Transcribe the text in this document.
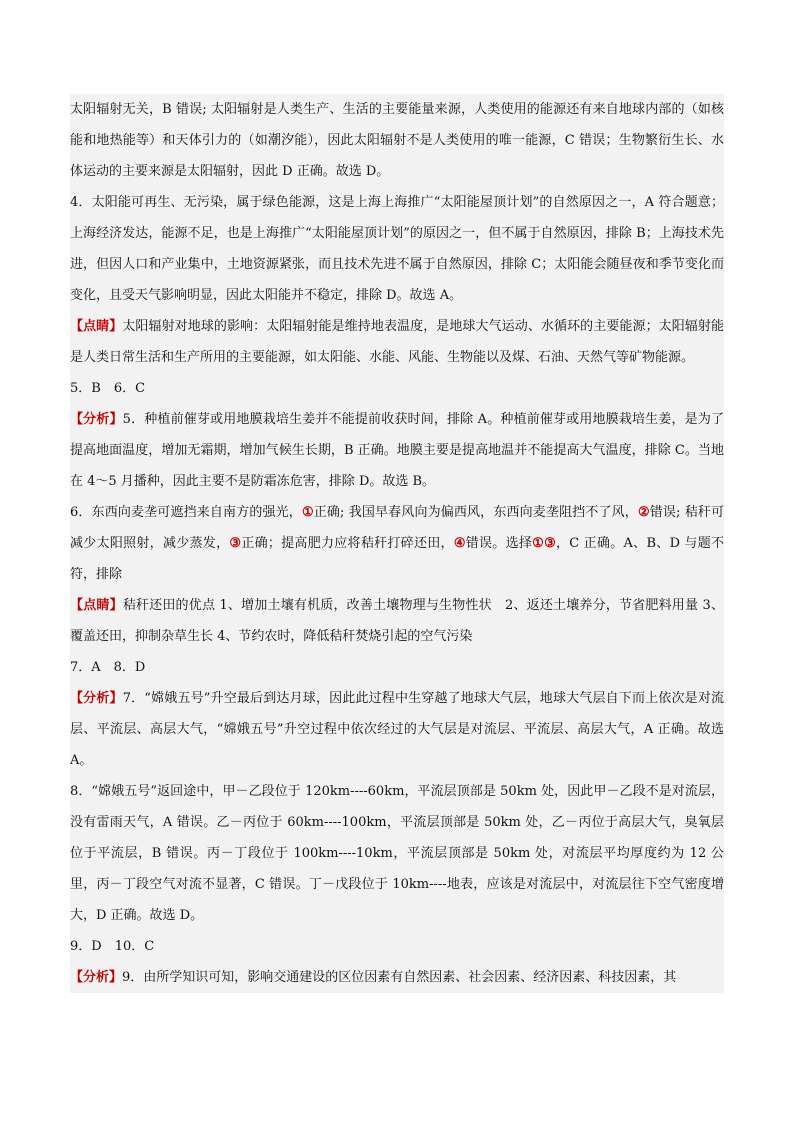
太阳辐射无关，B 错误; 太阳辐射是人类生产、生活的主要能量来源，人类使用的能源还有来自地球内部的（如核能和地热能等）和天体引力的（如潮汐能），因此太阳辐射不是人类使用的唯一能源，C 错误；生物繁衍生长、水体运动的主要来源是太阳辐射，因此 D 正确。故选 D。

4．太阳能可再生、无污染，属于绿色能源，这是上海上海推广“太阳能屋顶计划”的自然原因之一，A 符合题意；上海经济发达，能源不足，也是上海推广“太阳能屋顶计划”的原因之一，但不属于自然原因，排除 B；上海技术先进，但因人口和产业集中，土地资源紧张，而且技术先进不属于自然原因，排除 C；太阳能会随昼夜和季节变化而变化，且受天气影响明显，因此太阳能并不稳定，排除 D。故选 A。

【点睛】太阳辐射对地球的影响：太阳辐射能是维持地表温度，是地球大气运动、水循环的主要能源；太阳辐射能是人类日常生活和生产所用的主要能源，如太阳能、水能、风能、生物能以及煤、石油、天然气等矿物能源。

5．B　6．C

【分析】5．种植前催芽或用地膜栽培生姜并不能提前收获时间，排除 A。种植前催芽或用地膜栽培生姜，是为了提高地面温度，增加无霜期，增加气候生长期，B 正确。地膜主要是提高地温并不能提高大气温度，排除 C。当地在 4～5 月播种，因此主要不是防霜冻危害，排除 D。故选 B。

6．东西向麦垄可遮挡来自南方的强光，①正确; 我国早春风向为偏西风，东西向麦垄阻挡不了风，②错误; 秸秆可减少太阳照射，减少蒸发，③正确；提高肥力应将秸秆打碎还田，④错误。选择①③，C 正确。A、B、D 与题不符，排除

【点睛】秸秆还田的优点 1、增加土壤有机质，改善土壤物理与生物性状　2、返还土壤养分，节省肥料用量 3、覆盖还田，抑制杂草生长 4、节约农时，降低秸秆焚烧引起的空气污染

7．A　8．D

【分析】7．“嫦娥五号”升空最后到达月球，因此此过程中生穿越了地球大气层，地球大气层自下而上依次是对流层、平流层、高层大气，“嫦娥五号”升空过程中依次经过的大气层是对流层、平流层、高层大气，A 正确。故选 A。

8．“嫦娥五号”返回途中，甲－乙段位于 120km----60km，平流层顶部是 50km 处，因此甲－乙段不是对流层，没有雷雨天气，A 错误。乙－丙位于 60km----100km，平流层顶部是 50km 处，乙－丙位于高层大气，臭氧层位于平流层，B 错误。丙－丁段位于 100km----10km，平流层顶部是 50km 处，对流层平均厚度约为 12 公里，丙－丁段空气对流不显著，C 错误。丁－戊段位于 10km----地表，应该是对流层中，对流层往下空气密度增大，D 正确。故选 D。

9．D　10．C

【分析】9．由所学知识可知，影响交通建设的区位因素有自然因素、社会因素、经济因素、科技因素，其
